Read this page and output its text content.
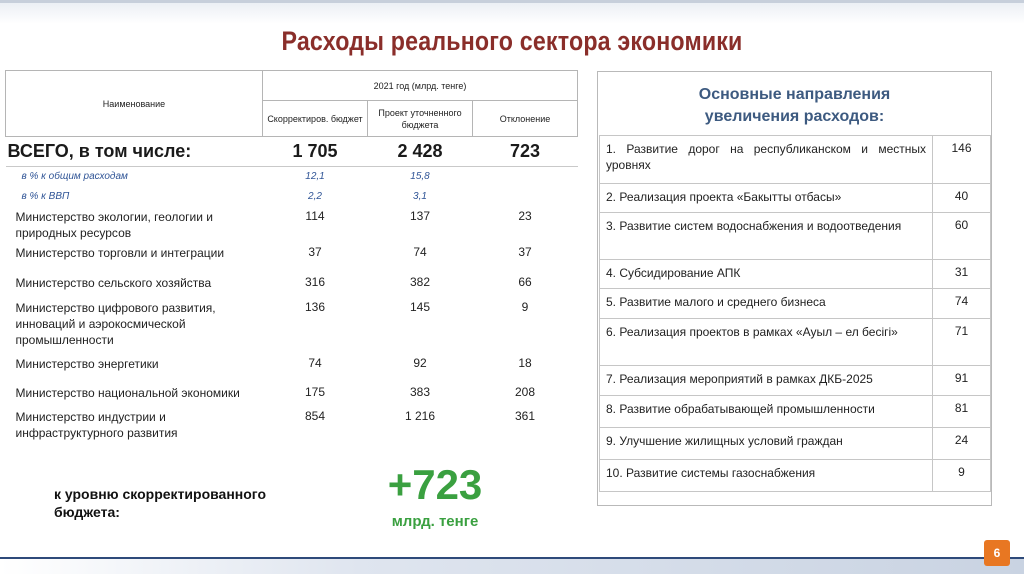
Расходы реального сектора экономики
Наименование	2021 год (млрд. тенге)		
	Скорректиров. бюджет	Проект уточненного бюджета	Отклонение
ВСЕГО, в том числе:	1 705	2 428	723
в % к общим расходам	12,1	15,8	
в % к ВВП	2,2	3,1	
Министерство экологии, геологии и природных ресурсов	114	137	23
Министерство торговли и интеграции	37	74	37
Министерство сельского хозяйства	316	382	66
Министерство цифрового развития, инноваций и аэрокосмической промышленности	136	145	9
Министерство энергетики	74	92	18
Министерство национальной экономики	175	383	208
Министерство индустрии и инфраструктурного развития	854	1 216	361
к уровню скорректированного бюджета:
+723
млрд. тенге
Основные направления
увеличения расходов:
1. Развитие дорог на республиканском и местных уровнях	146
2. Реализация проекта «Бакытты отбасы»	40
3. Развитие систем водоснабжения и водоотведения	60
4. Субсидирование АПК	31
5. Развитие малого и среднего бизнеса	74
6. Реализация проектов в рамках «Ауыл – ел бесігі»	71
7. Реализация мероприятий в рамках ДКБ-2025	91
8. Развитие обрабатывающей промышленности	81
9. Улучшение жилищных условий граждан	24
10. Развитие системы газоснабжения	9
6
